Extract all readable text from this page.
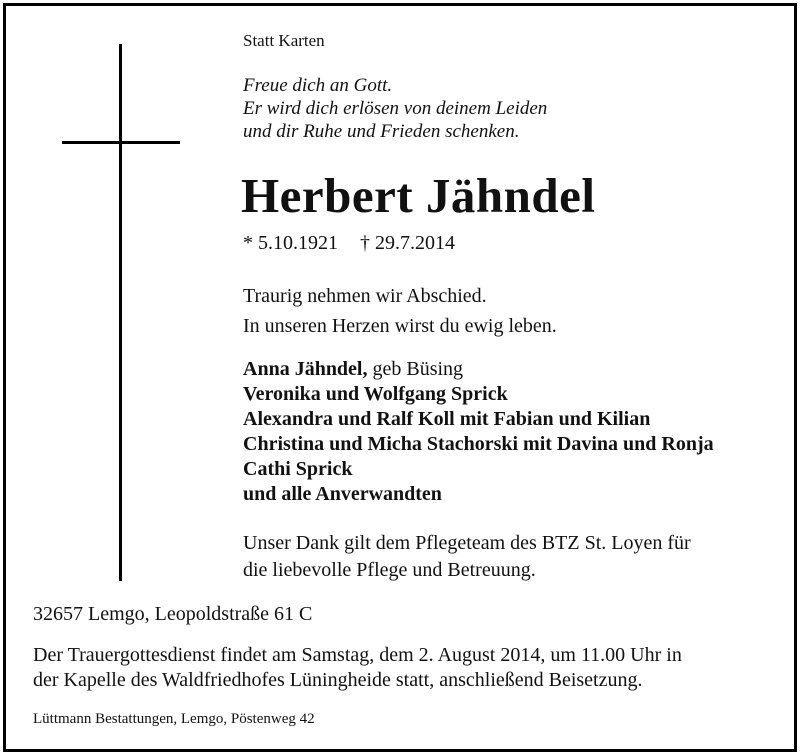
Statt Karten
Freue dich an Gott.
Er wird dich erlösen von deinem Leiden
und dir Ruhe und Frieden schenken.
Herbert Jähndel
* 5.10.1921 † 29.7.2014
Traurig nehmen wir Abschied.
In unseren Herzen wirst du ewig leben.
Anna Jähndel, geb Büsing
Veronika und Wolfgang Sprick
Alexandra und Ralf Koll mit Fabian und Kilian
Christina und Micha Stachorski mit Davina und Ronja
Cathi Sprick
und alle Anverwandten
Unser Dank gilt dem Pflegeteam des BTZ St. Loyen für
die liebevolle Pflege und Betreuung.
32657 Lemgo, Leopoldstraße 61 C
Der Trauergottesdienst findet am Samstag, dem 2. August 2014, um 11.00 Uhr in
der Kapelle des Waldfriedhofes Lüningheide statt, anschließend Beisetzung.
Lüttmann Bestattungen, Lemgo, Pöstenweg 42
